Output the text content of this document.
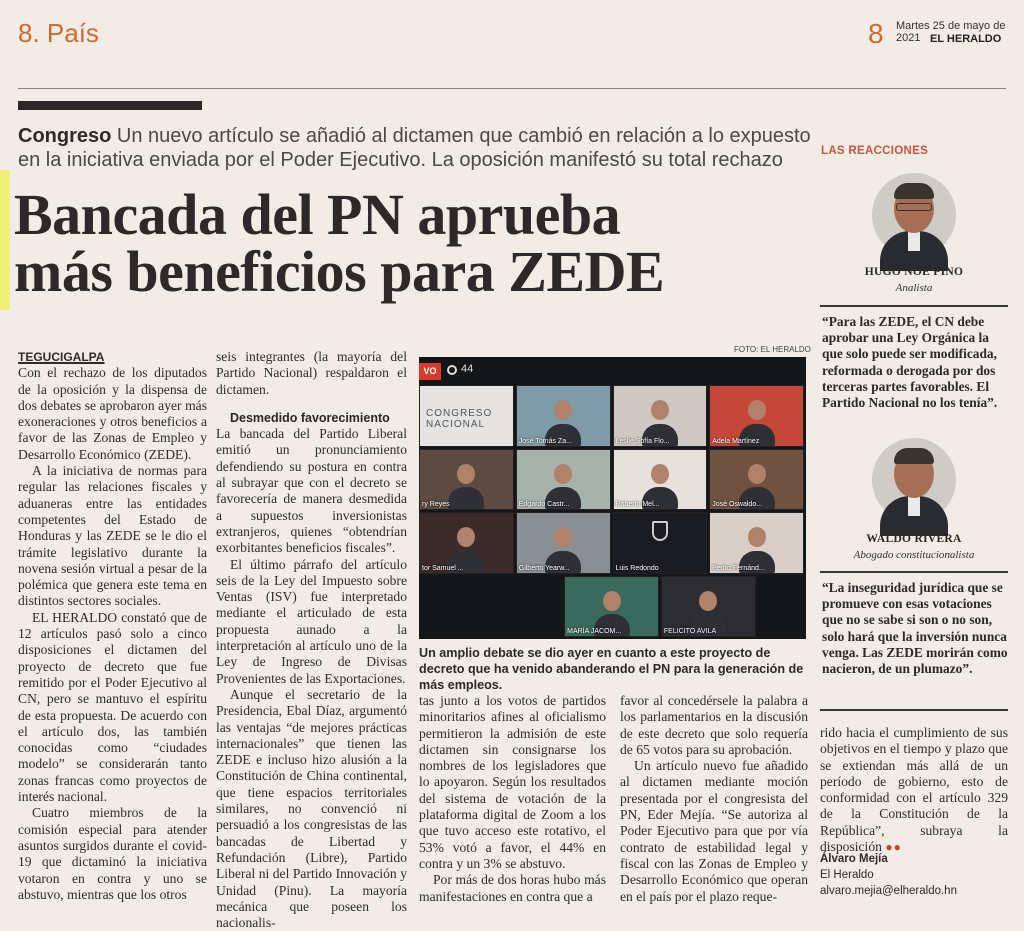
8. País	8 Martes 25 de mayo de 2021 EL HERALDO
Congreso Un nuevo artículo se añadió al dictamen que cambió en relación a lo expuesto en la iniciativa enviada por el Poder Ejecutivo. La oposición manifestó su total rechazo
Bancada del PN aprueba
más beneficios para ZEDE

TEGUCIGALPA

Con el rechazo de los diputados de la oposición y la dispensa de dos debates se aprobaron ayer más exoneraciones y otros beneficios a favor de las Zonas de Empleo y Desarrollo Económico (ZEDE).

A la iniciativa de normas para regular las relaciones fiscales y aduaneras entre las entidades competentes del Estado de Honduras y las ZEDE se le dio el trámite legislativo durante la novena sesión virtual a pesar de la polémica que genera este tema en distintos sectores sociales.

EL HERALDO constató que de 12 artículos pasó solo a cinco disposiciones el dictamen del proyecto de decreto que fue remitido por el Poder Ejecutivo al CN, pero se mantuvo el espíritu de esta propuesta. De acuerdo con el artículo dos, las también conocidas como “ciudades modelo” se considerarán tanto zonas francas como proyectos de interés nacional.

Cuatro miembros de la comisión especial para atender asuntos surgidos durante el covid-19 que dictaminó la iniciativa votaron en contra y uno se abstuvo, mientras que los otros

seis integrantes (la mayoría del Partido Nacional) respaldaron el dictamen.

Desmedido favorecimiento

La bancada del Partido Liberal emitió un pronunciamiento defendiendo su postura en contra al subrayar que con el decreto se favorecería de manera desmedida a supuestos inversionistas extranjeros, quienes “obtendrían exorbitantes beneficios fiscales”.

El último párrafo del artículo seis de la Ley del Impuesto sobre Ventas (ISV) fue interpretado mediante el articulado de esta propuesta aunado a la interpretación al artículo uno de la Ley de Ingreso de Divisas Provenientes de las Exportaciones.

Aunque el secretario de la Presidencia, Ebal Díaz, argumentó las ventajas “de mejores prácticas internacionales” que tienen las ZEDE e incluso hizo alusión a la Constitución de China continental, que tiene espacios territoriales similares, no convenció ni persuadió a los congresistas de las bancadas de Libertad y Refundación (Libre), Partido Liberal ni del Partido Innovación y Unidad (Pinu). La mayoría mecánica que poseen los nacionalis-

FOTO: EL HERALDO
VO	44
CONGRESO NACIONAL
José Tomás Za...	Leslie Sofía Flo...	Adela Martínez
ry Reyes	Edgardo Castr...	Roberto Mel...	José Oswaldo...
tor Samuel ...	Gilberto Yearw...	Luis Redondo	Pedro Fernánd...
MARÍA JACOM...	FELICITO AVILA
Un amplio debate se dio ayer en cuanto a este proyecto de decreto que ha venido abanderando el PN para la generación de más empleos.

tas junto a los votos de partidos minoritarios afines al oficialismo permitieron la admisión de este dictamen sin consignarse los nombres de los legisladores que lo apoyaron. Según los resultados del sistema de votación de la plataforma digital de Zoom a los que tuvo acceso este rotativo, el 53% votó a favor, el 44% en contra y un 3% se abstuvo.

Por más de dos horas hubo más manifestaciones en contra que a

favor al concedérsele la palabra a los parlamentarios en la discusión de este decreto que solo requería de 65 votos para su aprobación.

Un artículo nuevo fue añadido al dictamen mediante moción presentada por el congresista del PN, Eder Mejía. “Se autoriza al Poder Ejecutivo para que por vía contrato de estabilidad legal y fiscal con las Zonas de Empleo y Desarrollo Económico que operan en el país por el plazo reque-

LAS REACCIONES
HUGO NOÉ PINO
Analista
“Para las ZEDE, el CN debe aprobar una Ley Orgánica la que solo puede ser modificada, reformada o derogada por dos terceras partes favorables. El Partido Nacional no los tenía”.
WALDO RIVERA
Abogado constitucionalista
“La inseguridad jurídica que se promueve con esas votaciones que no se sabe si son o no son, solo hará que la inversión nunca venga. Las ZEDE morirán como nacieron, de un plumazo”.

rido hacia el cumplimiento de sus objetivos en el tiempo y plazo que se extiendan más allá de un período de gobierno, esto de conformidad con el artículo 329 de la Constitución de la República”, subraya la disposición ●●

Álvaro Mejía
El Heraldo
alvaro.mejia@elheraldo.hn
